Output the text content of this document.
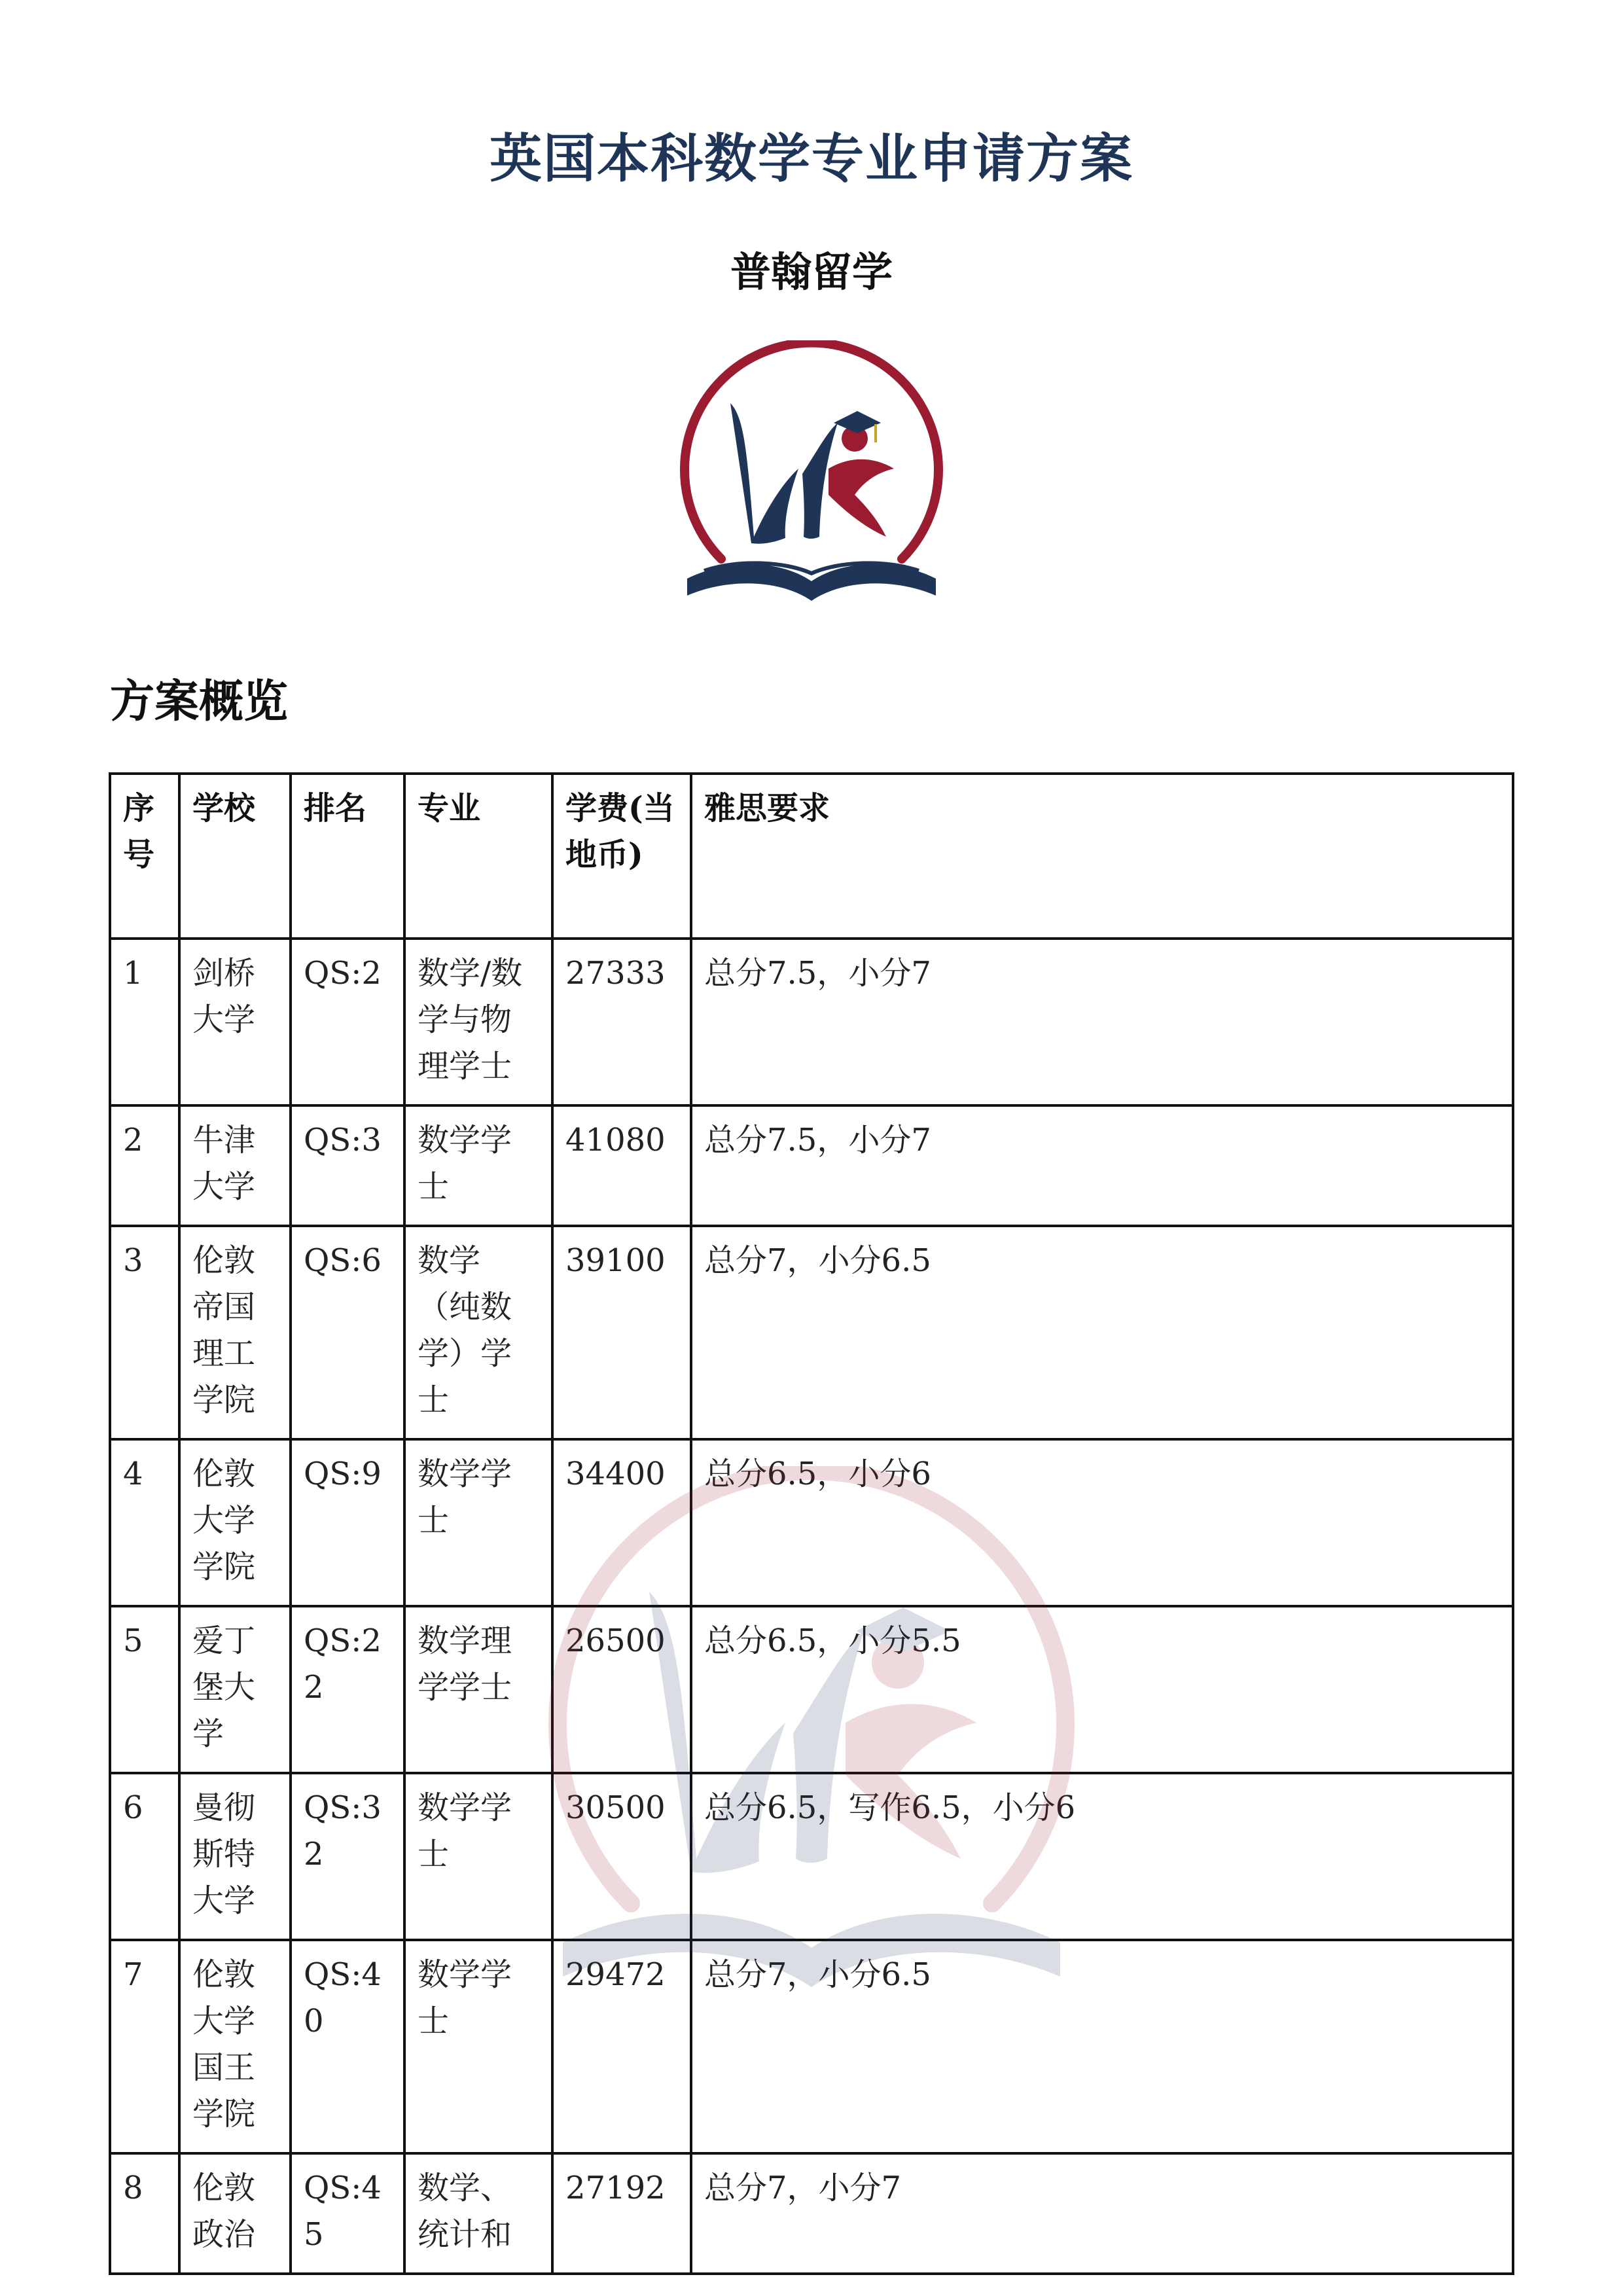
英国本科数学专业申请方案
普翰留学
方案概览
序号	学校	排名	专业	学费(当地币)	雅思要求
1	剑桥大学	QS:2	数学/数学与物理学士	27333	总分7.5，小分7
2	牛津大学	QS:3	数学学士	41080	总分7.5，小分7
3	伦敦帝国理工学院	QS:6	数学（纯数学）学士	39100	总分7，小分6.5
4	伦敦大学学院	QS:9	数学学士	34400	总分6.5，小分6
5	爱丁堡大学	QS:22	数学理学学士	26500	总分6.5，小分5.5
6	曼彻斯特大学	QS:32	数学学士	30500	总分6.5，写作6.5，小分6
7	伦敦大学国王学院	QS:40	数学学士	29472	总分7，小分6.5
8	伦敦政治	QS:45	数学、统计和	27192	总分7，小分7
